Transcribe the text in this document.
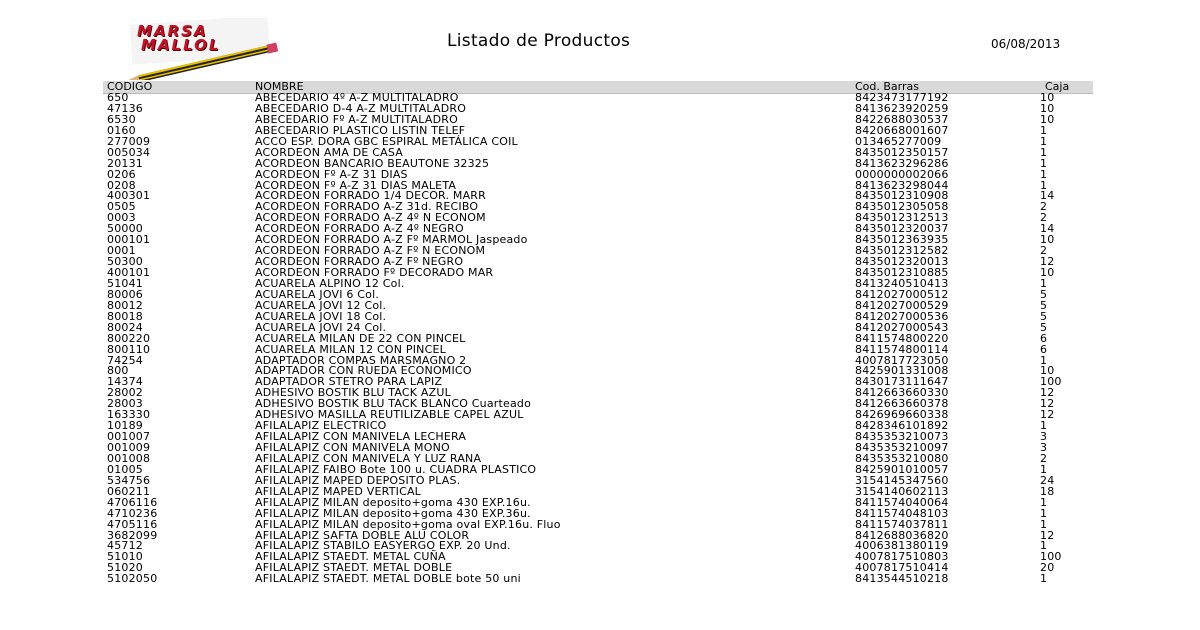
MARSA
MALLOL	Listado de Productos	06/08/2013
CODIGO	NOMBRE	Cod. Barras	Caja
650	ABECEDARIO 4º A-Z MULTITALADRO	8423473177192	10
47136	ABECEDARIO D-4 A-Z MULTITALADRO	8413623920259	10
6530	ABECEDARIO Fº A-Z MULTITALADRO	8422688030537	10
0160	ABECEDARIO PLASTICO LISTIN TELEF	8420668001607	1
277009	ACCO ESP. DORA GBC ESPIRAL METÁLICA COIL	013465277009	1
005034	ACORDEON AMA DE CASA	8435012350157	1
20131	ACORDEON BANCARIO BEAUTONE 32325	8413623296286	1
0206	ACORDEON Fº A-Z 31 DIAS	0000000002066	1
0208	ACORDEON Fº A-Z 31 DIAS MALETA	8413623298044	1
400301	ACORDEON FORRADO 1/4 DECOR. MARR	8435012310908	14
0505	ACORDEON FORRADO A-Z 31d. RECIBO	8435012305058	2
0003	ACORDEON FORRADO A-Z 4º N ECONOM	8435012312513	2
50000	ACORDEON FORRADO A-Z 4º NEGRO	8435012320037	14
000101	ACORDEON FORRADO A-Z Fº MARMOL Jaspeado	8435012363935	10
0001	ACORDEON FORRADO A-Z Fº N ECONOM	8435012312582	2
50300	ACORDEON FORRADO A-Z Fº NEGRO	8435012320013	12
400101	ACORDEON FORRADO Fº DECORADO MAR	8435012310885	10
51041	ACUARELA ALPINO 12 Col.	8413240510413	1
80006	ACUARELA JOVI 6 Col.	8412027000512	5
80012	ACUARELA JOVI 12 Col.	8412027000529	5
80018	ACUARELA JOVI 18 Col.	8412027000536	5
80024	ACUARELA JOVI 24 Col.	8412027000543	5
800220	ACUARELA MILAN DE 22 CON PINCEL	8411574800220	6
800110	ACUARELA MILAN 12 CON PINCEL	8411574800114	6
74254	ADAPTADOR COMPAS MARSMAGNO 2	4007817723050	1
800	ADAPTADOR CON RUEDA ECONOMICO	8425901331008	10
14374	ADAPTADOR STETRO PARA LAPIZ	8430173111647	100
28002	ADHESIVO BOSTIK BLU TACK AZUL	8412663660330	12
28003	ADHESIVO BOSTIK BLU TACK BLANCO Cuarteado	8412663660378	12
163330	ADHESIVO MASILLA REUTILIZABLE CAPEL AZUL	8426969660338	12
10189	AFILALAPIZ ELECTRICO	8428346101892	1
001007	AFILALAPIZ CON MANIVELA LECHERA	8435353210073	3
001009	AFILALAPIZ CON MANIVELA MONO	8435353210097	3
001008	AFILALAPIZ CON MANIVELA Y LUZ RANA	8435353210080	2
01005	AFILALAPIZ FAIBO Bote 100 u. CUADRA PLASTICO	8425901010057	1
534756	AFILALAPIZ MAPED DEPOSITO PLAS.	3154145347560	24
060211	AFILALAPIZ MAPED VERTICAL	3154140602113	18
4706116	AFILALAPIZ MILAN deposito+goma 430 EXP.16u.	8411574040064	1
4710236	AFILALAPIZ MILAN deposito+goma 430 EXP.36u.	8411574048103	1
4705116	AFILALAPIZ MILAN deposito+goma oval EXP.16u. Fluo	8411574037811	1
3682099	AFILALAPIZ SAFTA DOBLE ALU COLOR	8412688036820	12
45712	AFILALAPIZ STABILO EASYERGO EXP. 20 Und.	4006381380119	1
51010	AFILALAPIZ STAEDT. METAL CUÑA	4007817510803	100
51020	AFILALAPIZ STAEDT. METAL DOBLE	4007817510414	20
5102050	AFILALAPIZ STAEDT. METAL DOBLE bote 50 uni	8413544510218	1
